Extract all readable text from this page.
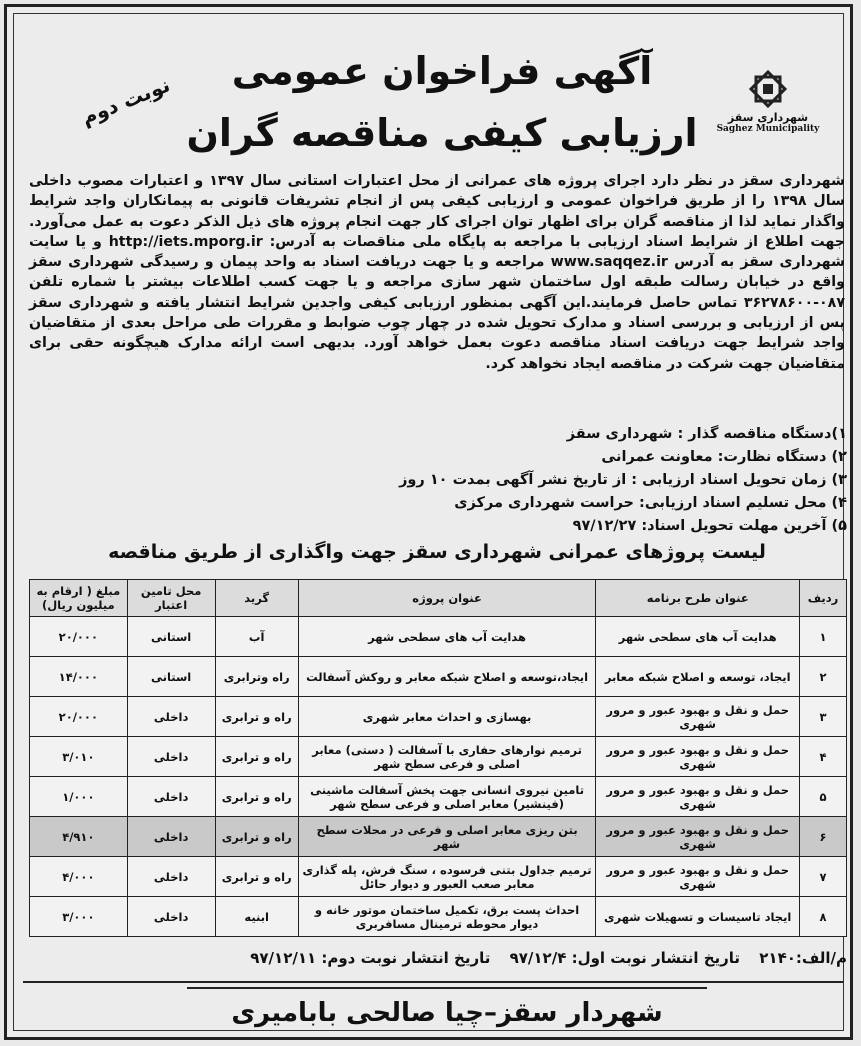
نوبت دوم
آگهی فراخوان عمومی
ارزیابی کیفی مناقصه گران	شهرداری سقز
Saghez Municipality
شهرداری سقز در نظر دارد اجرای پروژه های عمرانی از محل اعتبارات استانی سال ۱۳۹۷ و اعتبارات مصوب داخلی سال ۱۳۹۸ را از طریق فراخوان عمومی و ارزیابی کیفی پس از انجام تشریفات قانونی به پیمانکاران واجد شرایط واگذار نماید لذا از مناقصه گران برای اظهار توان اجرای کار جهت انجام پروژه های ذیل الذکر دعوت به عمل می‌آورد. جهت اطلاع از شرایط اسناد ارزیابی با مراجعه به پایگاه ملی مناقصات به آدرس: http://iets.mporg.ir و یا سایت شهرداری سقز به آدرس www.saqqez.ir مراجعه و یا جهت دریافت اسناد به واحد پیمان و رسیدگی شهرداری سقز واقع در خیابان رسالت طبقه اول ساختمان شهر سازی مراجعه و یا جهت کسب اطلاعات بیشتر با شماره تلفن ۰۸۷-۳۶۲۷۸۶۰۰ تماس حاصل فرمایند.این آگهی بمنظور ارزیابی کیفی واجدین شرایط انتشار یافته و شهرداری سقز پس از ارزیابی و بررسی اسناد و مدارک تحویل شده در چهار چوب ضوابط و مقررات طی مراحل بعدی از متقاضیان واجد شرایط جهت دریافت اسناد مناقصه دعوت بعمل خواهد آورد. بدیهی است ارائه مدارک هیچگونه حقی برای متقاضیان جهت شرکت در مناقصه ایجاد نخواهد کرد.
۱)دستگاه مناقصه گذار : شهرداری سقز
۲) دستگاه نظارت: معاونت عمرانی
۳) زمان تحویل اسناد ارزیابی : از تاریخ نشر آگهی بمدت ۱۰ روز
۴) محل تسلیم اسناد ارزیابی: حراست شهرداری مرکزی
۵) آخرین مهلت تحویل اسناد: ۹۷/۱۲/۲۷
لیست پروژهای عمرانی شهرداری سقز جهت واگذاری از طریق مناقصه
ردیف	عنوان طرح برنامه	عنوان پروژه	گرید	محل تامین اعتبار	مبلغ ( ارقام به میلیون ریال)
۱	هدایت آب های سطحی شهر	هدایت آب های سطحی شهر	آب	استانی	۲۰/۰۰۰
۲	ایجاد، توسعه و اصلاح شبکه معابر	ایجاد،توسعه و اصلاح شبکه معابر و روکش آسفالت	راه وترابری	استانی	۱۴/۰۰۰
۳	حمل و نقل و بهبود عبور و مرور شهری	بهسازی و احداث معابر شهری	راه و ترابری	داخلی	۲۰/۰۰۰
۴	حمل و نقل و بهبود عبور و مرور شهری	ترمیم نوارهای حفاری با آسفالت ( دستی) معابر اصلی و فرعی سطح شهر	راه و ترابری	داخلی	۳/۰۱۰
۵	حمل و نقل و بهبود عبور و مرور شهری	تامین نیروی انسانی جهت پخش آسفالت ماشینی (فینشیر) معابر اصلی و فرعی سطح شهر	راه و ترابری	داخلی	۱/۰۰۰
۶	حمل و نقل و بهبود عبور و مرور شهری	بتن ریزی معابر اصلی و فرعی در محلات سطح شهر	راه و ترابری	داخلی	۴/۹۱۰
۷	حمل و نقل و بهبود عبور و مرور شهری	ترمیم جداول بتنی فرسوده ، سنگ فرش، پله گذاری معابر صعب العبور و دیوار حائل	راه و ترابری	داخلی	۴/۰۰۰
۸	ایجاد تاسیسات و تسهیلات شهری	احداث پست برق، تکمیل ساختمان موتور خانه و دیوار محوطه ترمینال مسافربری	ابنیه	داخلی	۳/۰۰۰
م/الف:۲۱۴۰ تاریخ انتشار نوبت اول: ۹۷/۱۲/۴ تاریخ انتشار نوبت دوم: ۹۷/۱۲/۱۱
شهردار سقز–چیا صالحی بابامیری
